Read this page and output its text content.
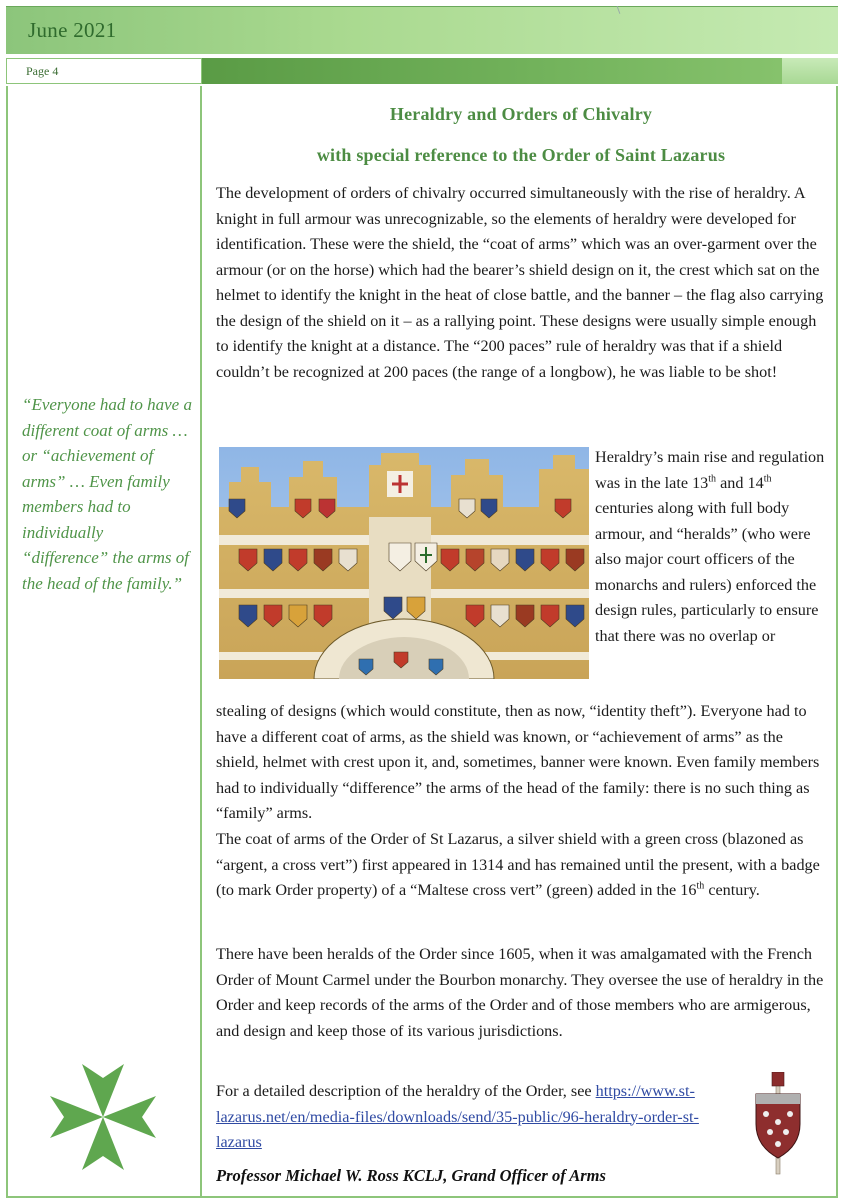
June 2021
Page 4
“Everyone had to have a different coat of arms … or “achievement of arms” … Even family members had to individually “difference” the arms of the head of the family.”
Heraldry and Orders of Chivalry
with special reference to the Order of Saint Lazarus

The development of orders of chivalry occurred simultaneously with the rise of heraldry. A knight in full armour was unrecognizable, so the elements of heraldry were developed for identification. These were the shield, the “coat of arms” which was an over-garment over the armour (or on the horse) which had the bearer’s shield design on it, the crest which sat on the helmet to identify the knight in the heat of close battle, and the banner – the flag also carrying the design of the shield on it – as a rallying point. These designs were usually simple enough to identify the knight at a distance. The “200 paces” rule of heraldry was that if a shield couldn’t be recognized at 200 paces (the range of a longbow), he was liable to be shot!

Heraldry’s main rise and regulation was in the late 13th and 14th centuries along with full body armour, and “heralds” (who were also major court officers of the monarchs and rulers) enforced the design rules, particularly to ensure that there was no overlap or

stealing of designs (which would constitute, then as now, “identity theft”). Everyone had to have a different coat of arms, as the shield was known, or “achievement of arms” as the shield, helmet with crest upon it, and, sometimes, banner were known. Even family members had to individually “difference” the arms of the head of the family: there is no such thing as “family” arms.

The coat of arms of the Order of St Lazarus, a silver shield with a green cross (blazoned as “argent, a cross vert”) first appeared in 1314 and has remained until the present, with a badge (to mark Order property) of a “Maltese cross vert” (green) added in the 16th century.

There have been heralds of the Order since 1605, when it was amalgamated with the French Order of Mount Carmel under the Bourbon monarchy. They oversee the use of heraldry in the Order and keep records of the arms of the Order and of those members who are armigerous, and design and keep those of its various jurisdictions.

For a detailed description of the heraldry of the Order, see https://www.st-lazarus.net/en/media-files/downloads/send/35-public/96-heraldry-order-st-lazarus

Professor Michael W. Ross KCLJ, Grand Officer of Arms
